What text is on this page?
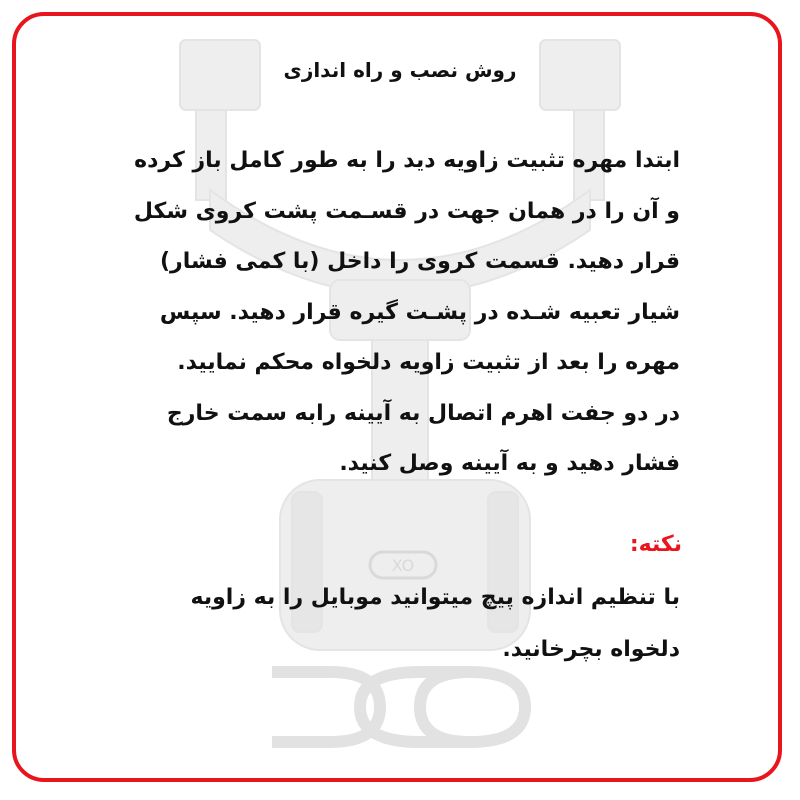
XO
روش نصب و راه اندازی
ابتدا مهره تثبیت زاویه دید را به طور کامل باز کرده و آن را در همان جهت در قسـمت پشت کروی شکل قرار دهید. قسمت کروی را داخل (با کمی فشار) شیار تعبیه شـده در پشـت گیره قرار دهید. سپس مهره را بعد از تثبیت زاویه دلخواه محکم نمایید.
در دو جفت اهرم اتصال به آیینه رابه سمت خارج فشار دهید و به آیینه وصل کنید.
نکته:
با تنظیم اندازه پیچ میتوانید موبایل را به زاویه دلخواه بچرخانید.
